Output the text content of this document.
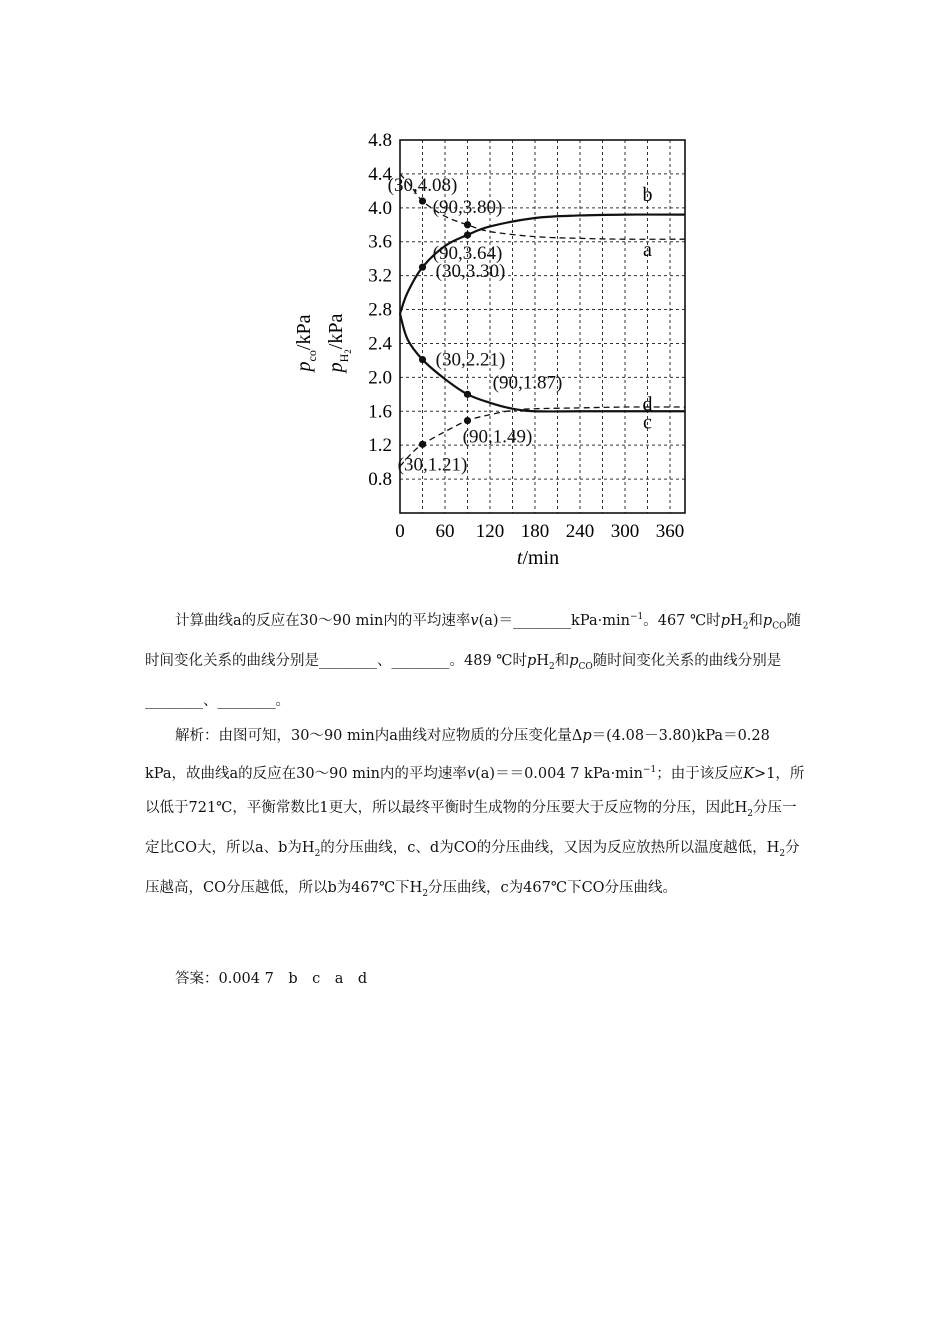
b
a
c
d
(30,4.08)
(90,3.80)
(90,3.64)
(30,3.30)
(30,2.21)
(90,1.87)
(90,1.49)
(30,1.21)
0.8
1.2
1.6
2.0
2.4
2.8
3.2
3.6
4.0
4.4
4.8
0 60 120 180 240 300 360
t/min
$p_{co}$/kPa
$p_H2$/kPa

计算曲线a的反应在30～90 min内的平均速率$v(a)=\_\_\_\_\_\_\_\_kPa\cdot\min^{-1}$。467 ℃时$pH_2$和$p_{CO}$随时间变化关系的曲线分别是________、________。489 ℃时$pH_2$和$p_{CO}$随时间变化关系的曲线分别是________、________。

解析：由图可知，30～90 min内a曲线对应物质的分压变化量Δp＝(4.08－3.80)kPa＝0.28 kPa，故曲线a的反应在30～90 min内的平均速率v(a)＝＝0.004 7 $kPa\cdot\min^{-1}$；由于该反应K>1，所以低于721℃，平衡常数比1更大，所以最终平衡时生成物的分压要大于反应物的分压，因此$H_2$分压一定比CO大，所以a、b为$H_2$的分压曲线，c、d为CO的分压曲线，又因为反应放热所以温度越低，$H_2$分压越高，CO分压越低，所以b为467℃下$H_2$分压曲线，c为467℃下CO分压曲线。

答案：0.004 7　b　c　a　d
